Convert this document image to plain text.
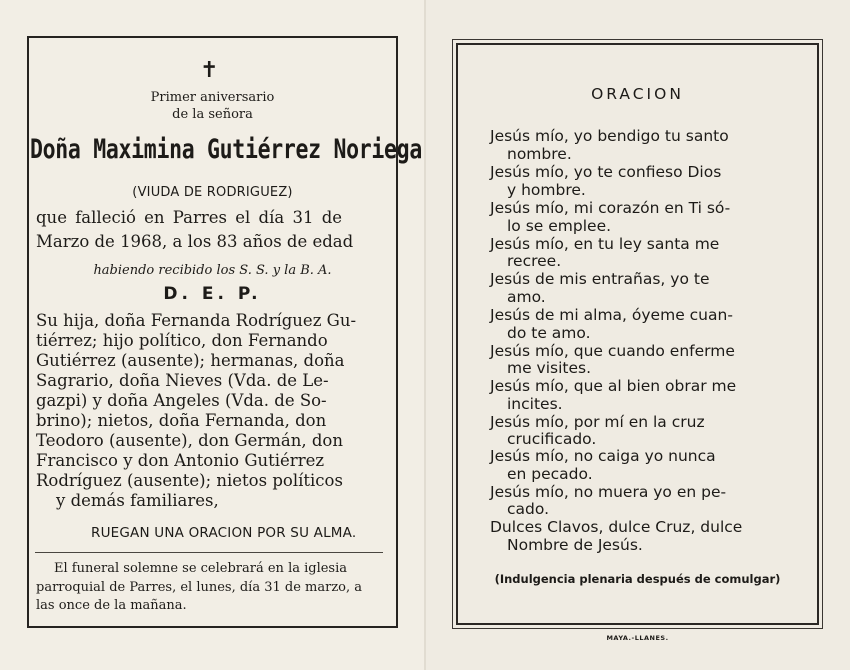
✝
Primer aniversario
de la señora
Doña Maximina Gutiérrez Noriega
(VIUDA DE RODRIGUEZ)
que falleció en Parres el día 31 de
Marzo de 1968, a los 83 años de edad
habiendo recibido los S. S. y la B. A.
D. E. P.
Su hija, doña Fernanda Rodríguez Gu-
tiérrez; hijo político, don Fernando
Gutiérrez (ausente); hermanas, doña
Sagrario, doña Nieves (Vda. de Le-
gazpi) y doña Angeles (Vda. de So-
brino); nietos, doña Fernanda, don
Teodoro (ausente), don Germán, don
Francisco y don Antonio Gutiérrez
Rodríguez (ausente); nietos políticos
y demás familiares,
RUEGAN UNA ORACION POR SU ALMA.
El funeral solemne se celebrará en la iglesia
parroquial de Parres, el lunes, día 31 de marzo, a
las once de la mañana.
ORACION
Jesús mío, yo bendigo tu santo
nombre.
Jesús mío, yo te confieso Dios
y hombre.
Jesús mío, mi corazón en Ti só-
lo se emplee.
Jesús mío, en tu ley santa me
recree.
Jesús de mis entrañas, yo te
amo.
Jesús de mi alma, óyeme cuan-
do te amo.
Jesús mío, que cuando enferme
me visites.
Jesús mío, que al bien obrar me
incites.
Jesús mío, por mí en la cruz
crucificado.
Jesús mío, no caiga yo nunca
en pecado.
Jesús mío, no muera yo en pe-
cado.
Dulces Clavos, dulce Cruz, dulce
Nombre de Jesús.
(Indulgencia plenaria después de comulgar)
MAYA.-LLANES.
